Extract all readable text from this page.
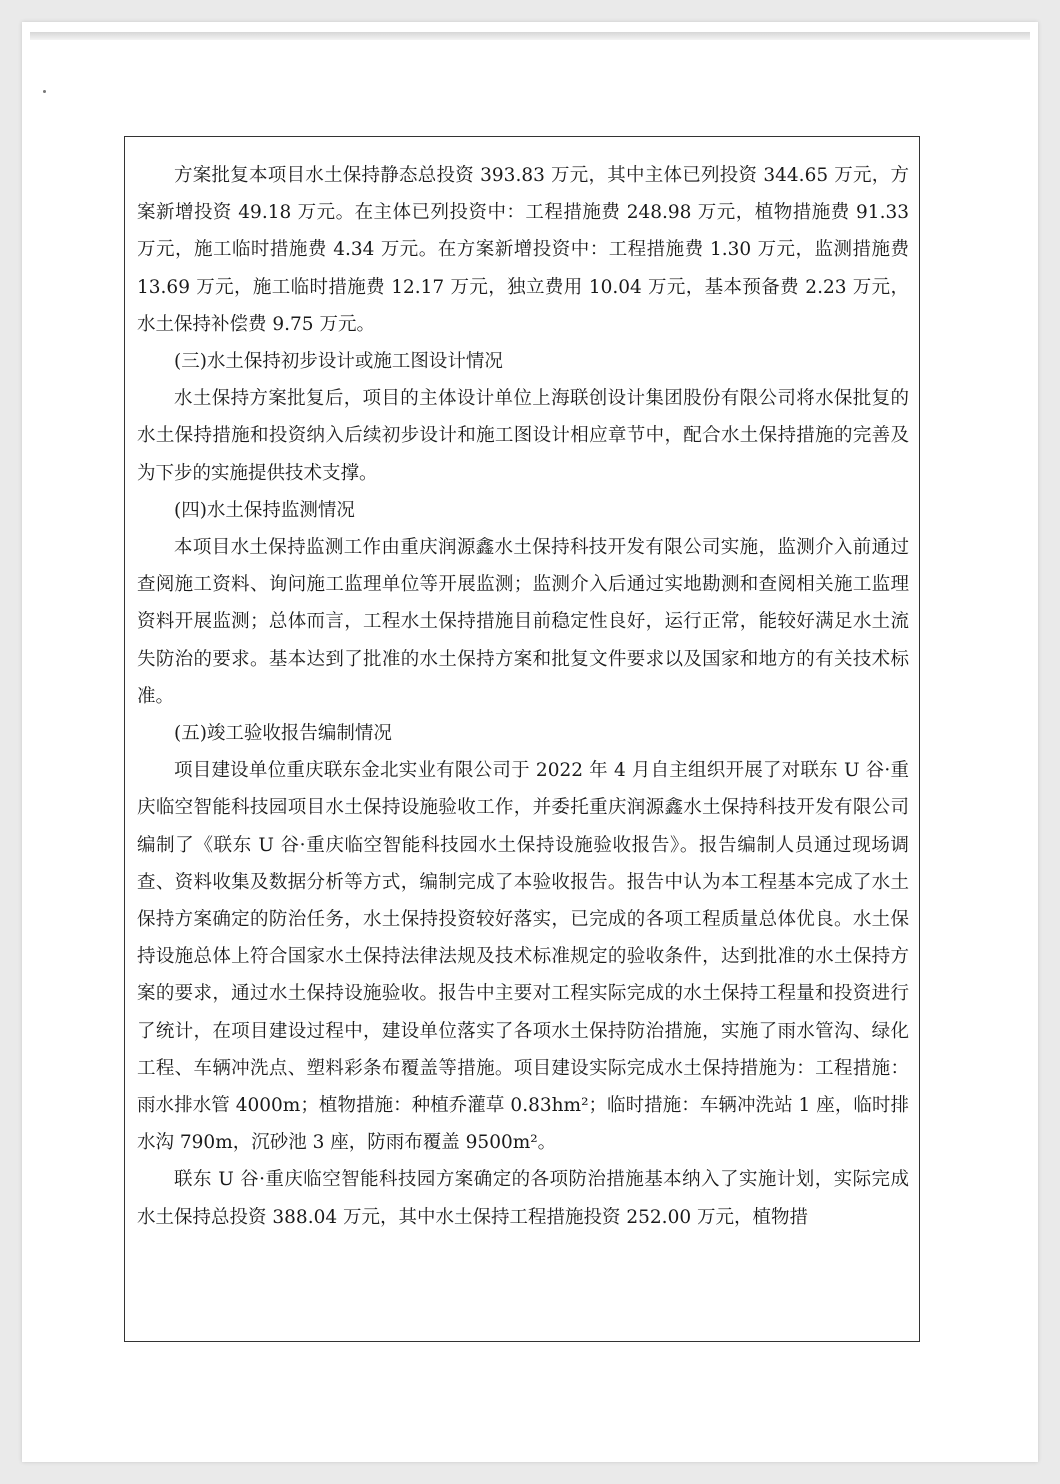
方案批复本项目水土保持静态总投资 393.83 万元，其中主体已列投资 344.65 万元，方案新增投资 49.18 万元。在主体已列投资中：工程措施费 248.98 万元，植物措施费 91.33 万元，施工临时措施费 4.34 万元。在方案新增投资中：工程措施费 1.30 万元，监测措施费 13.69 万元，施工临时措施费 12.17 万元，独立费用 10.04 万元，基本预备费 2.23 万元，水土保持补偿费 9.75 万元。

(三)水土保持初步设计或施工图设计情况

水土保持方案批复后，项目的主体设计单位上海联创设计集团股份有限公司将水保批复的水土保持措施和投资纳入后续初步设计和施工图设计相应章节中，配合水土保持措施的完善及为下步的实施提供技术支撑。

(四)水土保持监测情况

本项目水土保持监测工作由重庆润源鑫水土保持科技开发有限公司实施，监测介入前通过查阅施工资料、询问施工监理单位等开展监测；监测介入后通过实地勘测和查阅相关施工监理资料开展监测；总体而言，工程水土保持措施目前稳定性良好，运行正常，能较好满足水土流失防治的要求。基本达到了批准的水土保持方案和批复文件要求以及国家和地方的有关技术标准。

(五)竣工验收报告编制情况

项目建设单位重庆联东金北实业有限公司于 2022 年 4 月自主组织开展了对联东 U 谷·重庆临空智能科技园项目水土保持设施验收工作，并委托重庆润源鑫水土保持科技开发有限公司编制了《联东 U 谷·重庆临空智能科技园水土保持设施验收报告》。报告编制人员通过现场调查、资料收集及数据分析等方式，编制完成了本验收报告。报告中认为本工程基本完成了水土保持方案确定的防治任务，水土保持投资较好落实，已完成的各项工程质量总体优良。水土保持设施总体上符合国家水土保持法律法规及技术标准规定的验收条件，达到批准的水土保持方案的要求，通过水土保持设施验收。报告中主要对工程实际完成的水土保持工程量和投资进行了统计，在项目建设过程中，建设单位落实了各项水土保持防治措施，实施了雨水管沟、绿化工程、车辆冲洗点、塑料彩条布覆盖等措施。项目建设实际完成水土保持措施为：工程措施：雨水排水管 4000m；植物措施：种植乔灌草 0.83hm²；临时措施：车辆冲洗站 1 座，临时排水沟 790m，沉砂池 3 座，防雨布覆盖 9500m²。

联东 U 谷·重庆临空智能科技园方案确定的各项防治措施基本纳入了实施计划，实际完成水土保持总投资 388.04 万元，其中水土保持工程措施投资 252.00 万元，植物措
